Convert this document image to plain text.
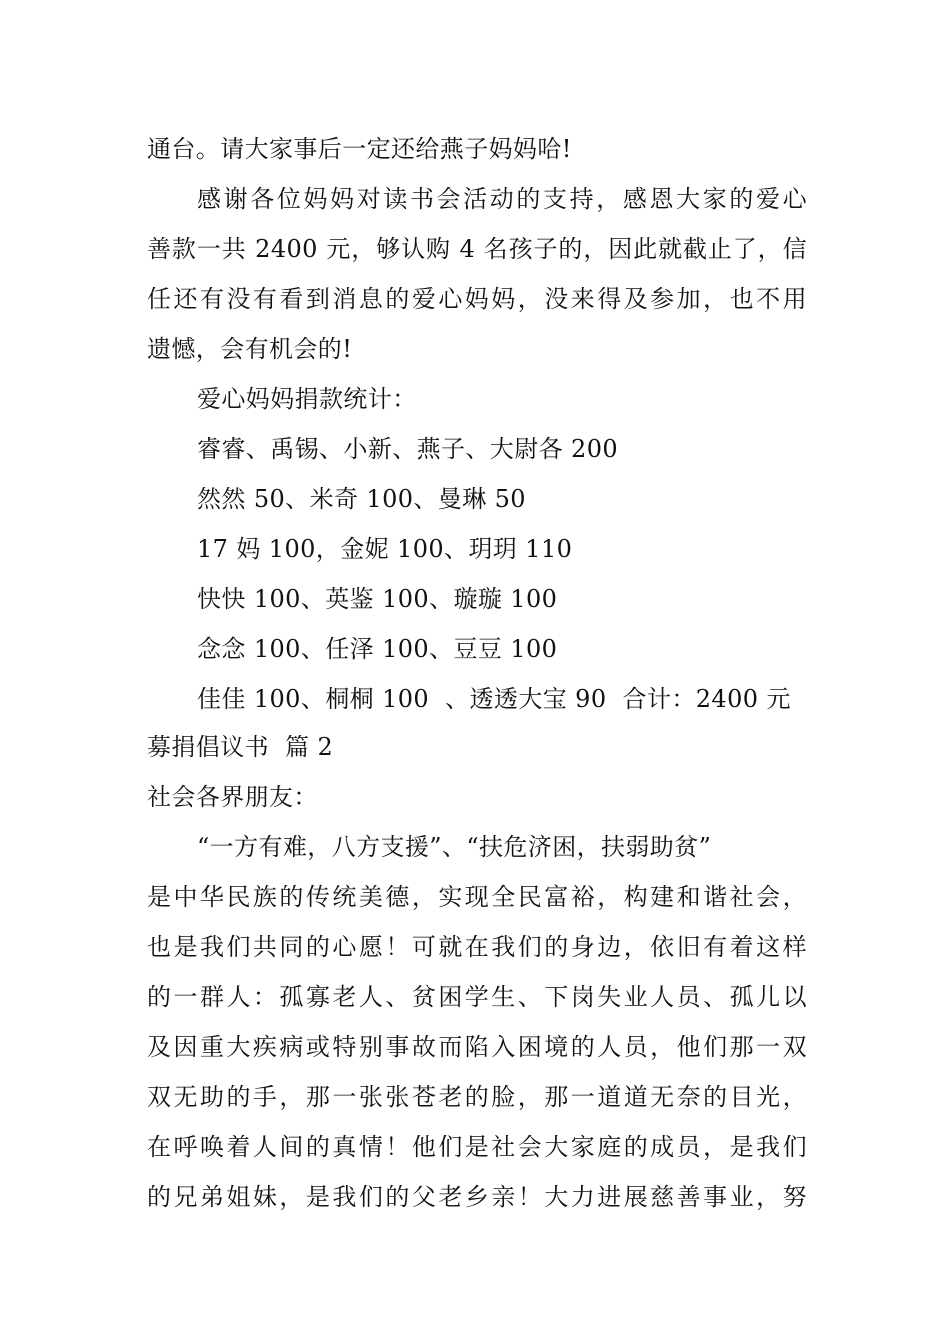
通台。请大家事后一定还给燕子妈妈哈!
感谢各位妈妈对读书会活动的支持，感恩大家的爱心
善款一共 2400 元，够认购 4 名孩子的，因此就截止了，信
任还有没有看到消息的爱心妈妈，没来得及参加，也不用
遗憾，会有机会的!
爱心妈妈捐款统计：
睿睿、禹锡、小新、燕子、大尉各 200
然然 50、米奇 100、曼琳 50
17 妈 100，金妮 100、玥玥 110
快快 100、英鉴 100、璇璇 100
念念 100、任泽 100、豆豆 100
佳佳 100、桐桐 100  、透透大宝 90  合计：2400 元
募捐倡议书  篇 2
社会各界朋友：
“一方有难，八方支援”、“扶危济困，扶弱助贫”
是中华民族的传统美德，实现全民富裕，构建和谐社会，
也是我们共同的心愿！可就在我们的身边，依旧有着这样
的一群人：孤寡老人、贫困学生、下岗失业人员、孤儿以
及因重大疾病或特别事故而陷入困境的人员，他们那一双
双无助的手，那一张张苍老的脸，那一道道无奈的目光，
在呼唤着人间的真情！他们是社会大家庭的成员，是我们
的兄弟姐妹，是我们的父老乡亲！大力进展慈善事业，努
